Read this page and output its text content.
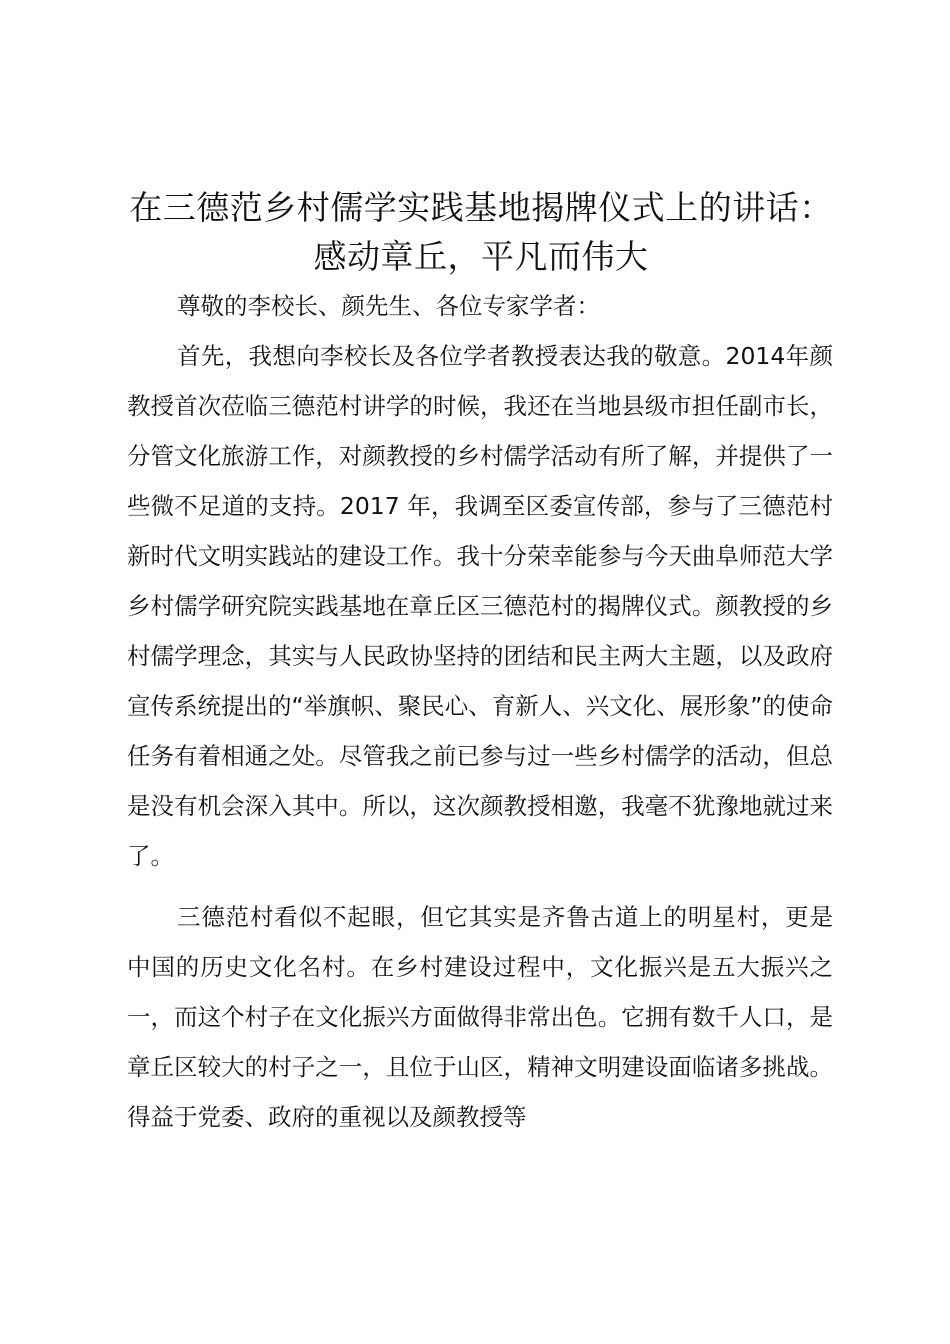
在三德范乡村儒学实践基地揭牌仪式上的讲话：
感动章丘，平凡而伟大

尊敬的李校长、颜先生、各位专家学者：

首先，我想向李校长及各位学者教授表达我的敬意。2014年颜教授首次莅临三德范村讲学的时候，我还在当地县级市担任副市长，分管文化旅游工作，对颜教授的乡村儒学活动有所了解，并提供了一些微不足道的支持。2017 年，我调至区委宣传部，参与了三德范村新时代文明实践站的建设工作。我十分荣幸能参与今天曲阜师范大学乡村儒学研究院实践基地在章丘区三德范村的揭牌仪式。颜教授的乡村儒学理念，其实与人民政协坚持的团结和民主两大主题，以及政府宣传系统提出的“举旗帜、聚民心、育新人、兴文化、展形象”的使命任务有着相通之处。尽管我之前已参与过一些乡村儒学的活动，但总是没有机会深入其中。所以，这次颜教授相邀，我毫不犹豫地就过来了。

三德范村看似不起眼，但它其实是齐鲁古道上的明星村，更是中国的历史文化名村。在乡村建设过程中，文化振兴是五大振兴之一，而这个村子在文化振兴方面做得非常出色。它拥有数千人口，是章丘区较大的村子之一，且位于山区，精神文明建设面临诸多挑战。得益于党委、政府的重视以及颜教授等
